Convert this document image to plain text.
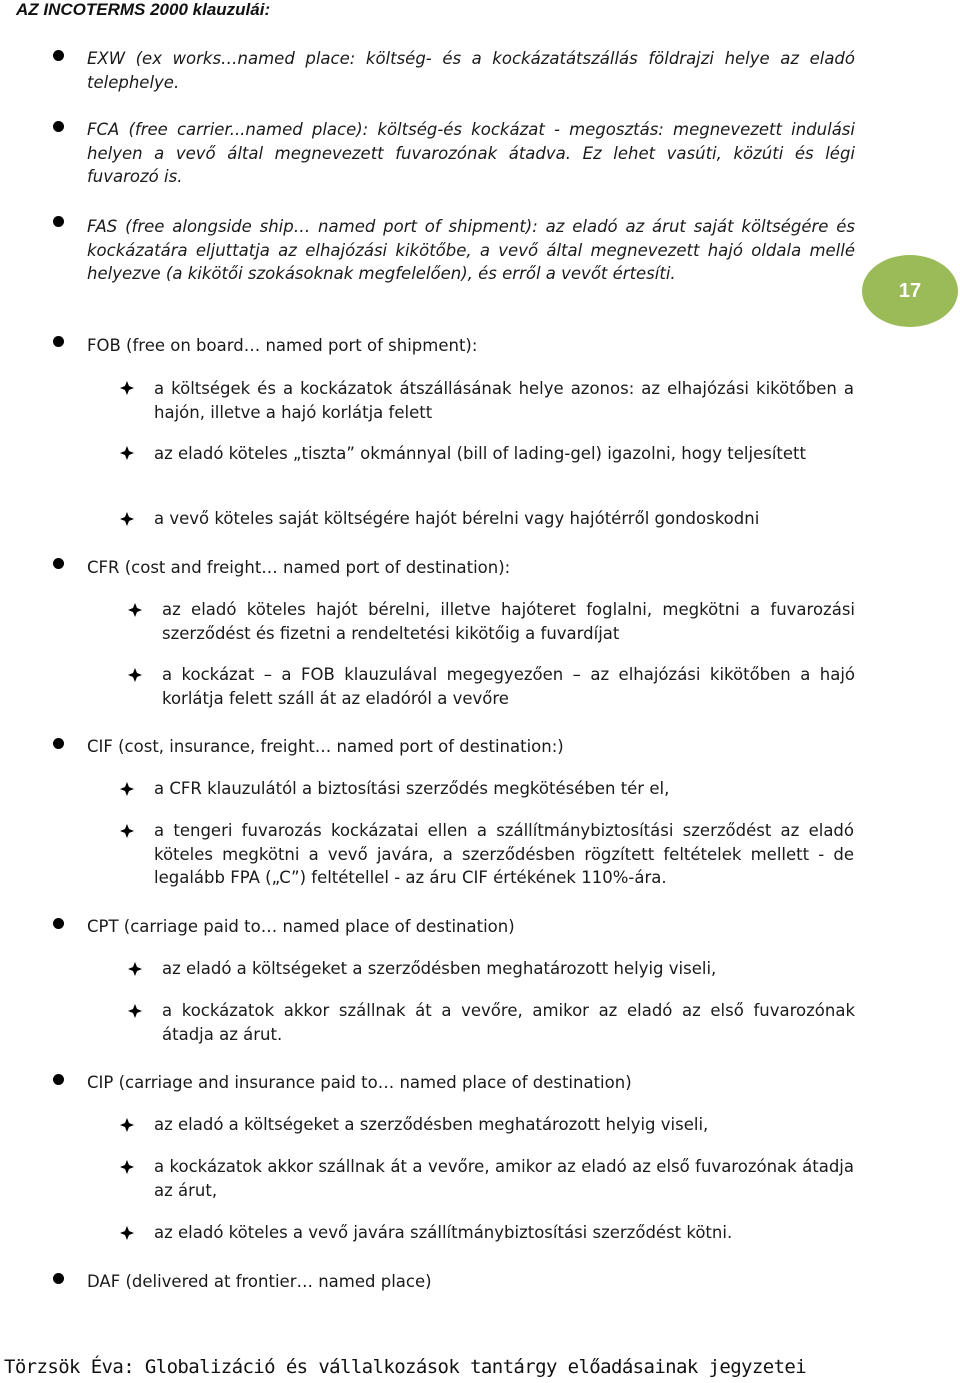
AZ INCOTERMS 2000 klauzulái:
EXW (ex works…named place: költség- és a kockázatátszállás földrajzi helye az eladó telephelye.
FCA (free carrier...named place): költség-és kockázat - megosztás: megnevezett indulási helyen a vevő által megnevezett fuvarozónak átadva. Ez lehet vasúti, közúti és légi fuvarozó is.
FAS (free alongside ship… named port of shipment): az eladó az árut saját költségére és kockázatára eljuttatja az elhajózási kikötőbe, a vevő által megnevezett hajó oldala mellé helyezve (a kikötői szokásoknak megfelelően), és erről a vevőt értesíti.
17
FOB (free on board… named port of shipment):
a költségek és a kockázatok átszállásának helye azonos: az elhajózási kikötőben a hajón, illetve a hajó korlátja felett
az eladó köteles „tiszta” okmánnyal (bill of lading-gel) igazolni, hogy teljesített
a vevő köteles saját költségére hajót bérelni vagy hajótérről gondoskodni
CFR (cost and freight… named port of destination):
az eladó köteles hajót bérelni, illetve hajóteret foglalni, megkötni a fuvarozási szerződést és fizetni a rendeltetési kikötőig a fuvardíjat
a kockázat – a FOB klauzulával megegyezően – az elhajózási kikötőben a hajó korlátja felett száll át az eladóról a vevőre
CIF (cost, insurance, freight… named port of destination:)
a CFR klauzulától a biztosítási szerződés megkötésében tér el,
a tengeri fuvarozás kockázatai ellen a szállítmánybiztosítási szerződést az eladó köteles megkötni a vevő javára, a szerződésben rögzített feltételek mellett - de legalább FPA („C”) feltétellel - az áru CIF értékének 110%-ára.
CPT (carriage paid to… named place of destination)
az eladó a költségeket a szerződésben meghatározott helyig viseli,
a kockázatok akkor szállnak át a vevőre, amikor az eladó az első fuvarozónak átadja az árut.
CIP (carriage and insurance paid to… named place of destination)
az eladó a költségeket a szerződésben meghatározott helyig viseli,
a kockázatok akkor szállnak át a vevőre, amikor az eladó az első fuvarozónak átadja az árut,
az eladó köteles a vevő javára szállítmánybiztosítási szerződést kötni.
DAF (delivered at frontier… named place)
Törzsök Éva: Globalizáció és vállalkozások tantárgy előadásainak jegyzetei
